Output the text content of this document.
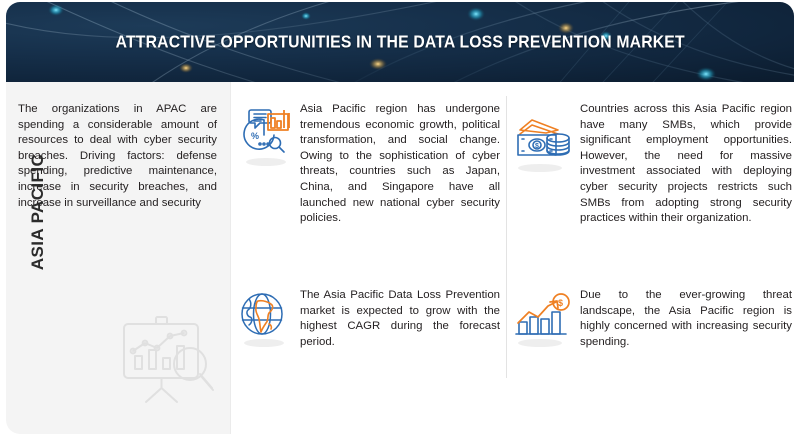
ATTRACTIVE OPPORTUNITIES IN THE DATA LOSS PREVENTION MARKET
The organizations in APAC are spending a considerable amount of resources to deal with cyber security breaches. Driving factors: defense spending, predictive maintenance, increase in security breaches, and increase in surveillance and security
ASIA PACIFIC
%
Asia Pacific region has undergone tremendous economic growth, political transformation, and social change. Owing to the sophistication of cyber threats, countries such as Japan, China, and Singapore have all launched new national cyber security policies.
The Asia Pacific Data Loss Prevention market is expected to grow with the highest CAGR during the forecast period.
$
Countries across this Asia Pacific region have many SMBs, which provide significant employment opportunities. However, the need for massive investment associated with deploying cyber security projects restricts such SMBs from adopting strong security practices within their organization.
$
Due to the ever-growing threat landscape, the Asia Pacific region is highly concerned with increasing security spending.
